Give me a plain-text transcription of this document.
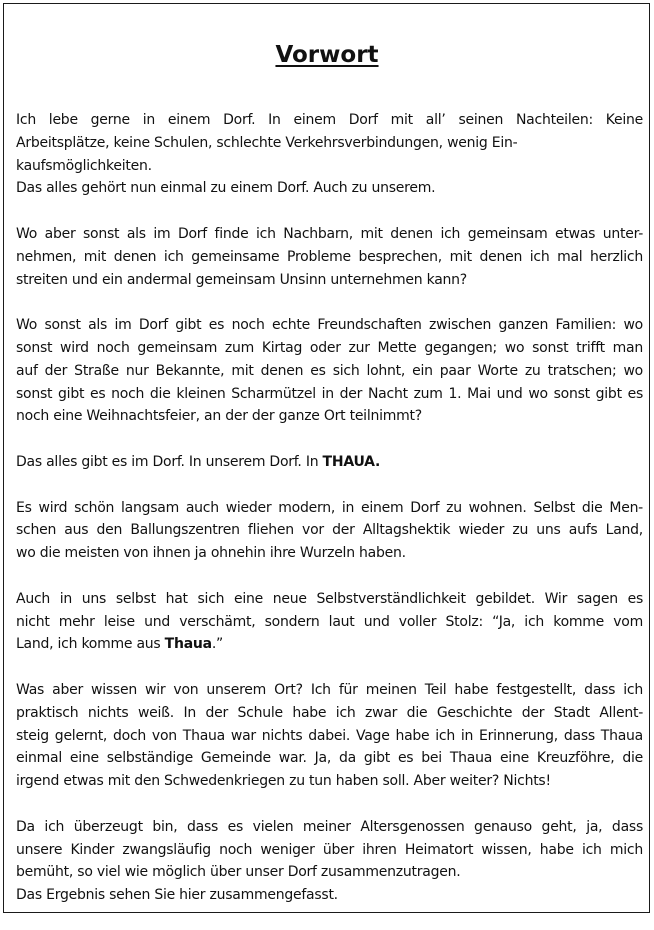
Vorwort

Ich lebe gerne in einem Dorf. In einem Dorf mit all’ seinen Nachteilen: Keine
Arbeitsplätze, keine Schulen, schlechte Verkehrsverbindungen, wenig Ein-
kaufsmöglichkeiten.
Das alles gehört nun einmal zu einem Dorf. Auch zu unserem.

Wo aber sonst als im Dorf finde ich Nachbarn, mit denen ich gemeinsam etwas unter-
nehmen, mit denen ich gemeinsame Probleme besprechen, mit denen ich mal herzlich
streiten und ein andermal gemeinsam Unsinn unternehmen kann?

Wo sonst als im Dorf gibt es noch echte Freundschaften zwischen ganzen Familien: wo
sonst wird noch gemeinsam zum Kirtag oder zur Mette gegangen; wo sonst trifft man
auf der Straße nur Bekannte, mit denen es sich lohnt, ein paar Worte zu tratschen; wo
sonst gibt es noch die kleinen Scharmützel in der Nacht zum 1. Mai und wo sonst gibt es
noch eine Weihnachtsfeier, an der der ganze Ort teilnimmt?

Das alles gibt es im Dorf. In unserem Dorf. In THAUA.

Es wird schön langsam auch wieder modern, in einem Dorf zu wohnen. Selbst die Men-
schen aus den Ballungszentren fliehen vor der Alltagshektik wieder zu uns aufs Land,
wo die meisten von ihnen ja ohnehin ihre Wurzeln haben.

Auch in uns selbst hat sich eine neue Selbstverständlichkeit gebildet. Wir sagen es
nicht mehr leise und verschämt, sondern laut und voller Stolz: “Ja, ich komme vom
Land, ich komme aus Thaua.”

Was aber wissen wir von unserem Ort? Ich für meinen Teil habe festgestellt, dass ich
praktisch nichts weiß. In der Schule habe ich zwar die Geschichte der Stadt Allent-
steig gelernt, doch von Thaua war nichts dabei. Vage habe ich in Erinnerung, dass Thaua
einmal eine selbständige Gemeinde war. Ja, da gibt es bei Thaua eine Kreuzföhre, die
irgend etwas mit den Schwedenkriegen zu tun haben soll. Aber weiter? Nichts!

Da ich überzeugt bin, dass es vielen meiner Altersgenossen genauso geht, ja, dass
unsere Kinder zwangsläufig noch weniger über ihren Heimatort wissen, habe ich mich
bemüht, so viel wie möglich über unser Dorf zusammenzutragen.
Das Ergebnis sehen Sie hier zusammengefasst.
